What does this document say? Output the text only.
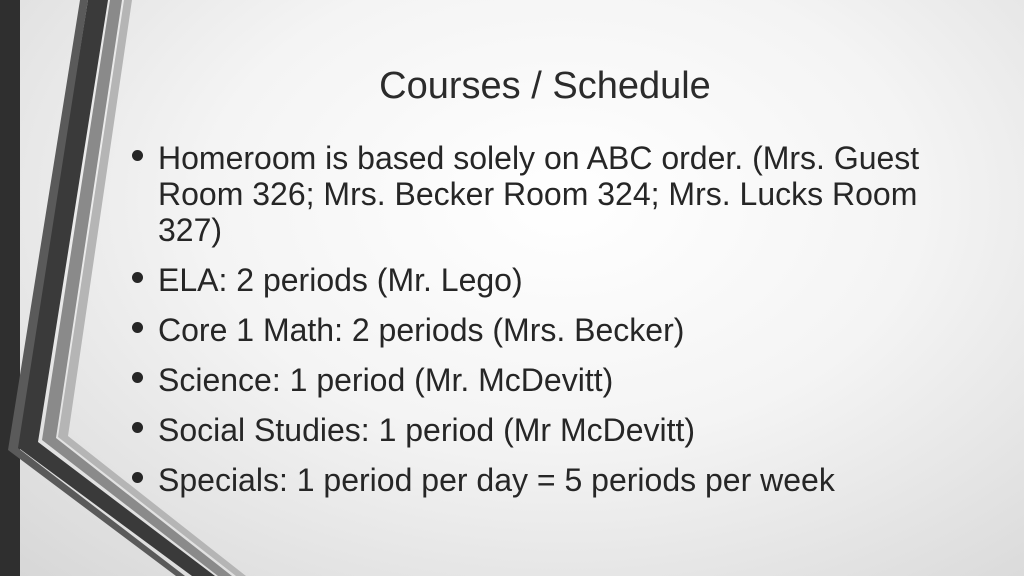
Courses / Schedule
Homeroom is based solely on ABC order. (Mrs. Guest Room 326; Mrs. Becker Room 324; Mrs. Lucks Room 327)
ELA: 2 periods (Mr. Lego)
Core 1 Math: 2 periods (Mrs. Becker)
Science: 1 period (Mr. McDevitt)
Social Studies: 1 period (Mr McDevitt)
Specials: 1 period per day = 5 periods per week
